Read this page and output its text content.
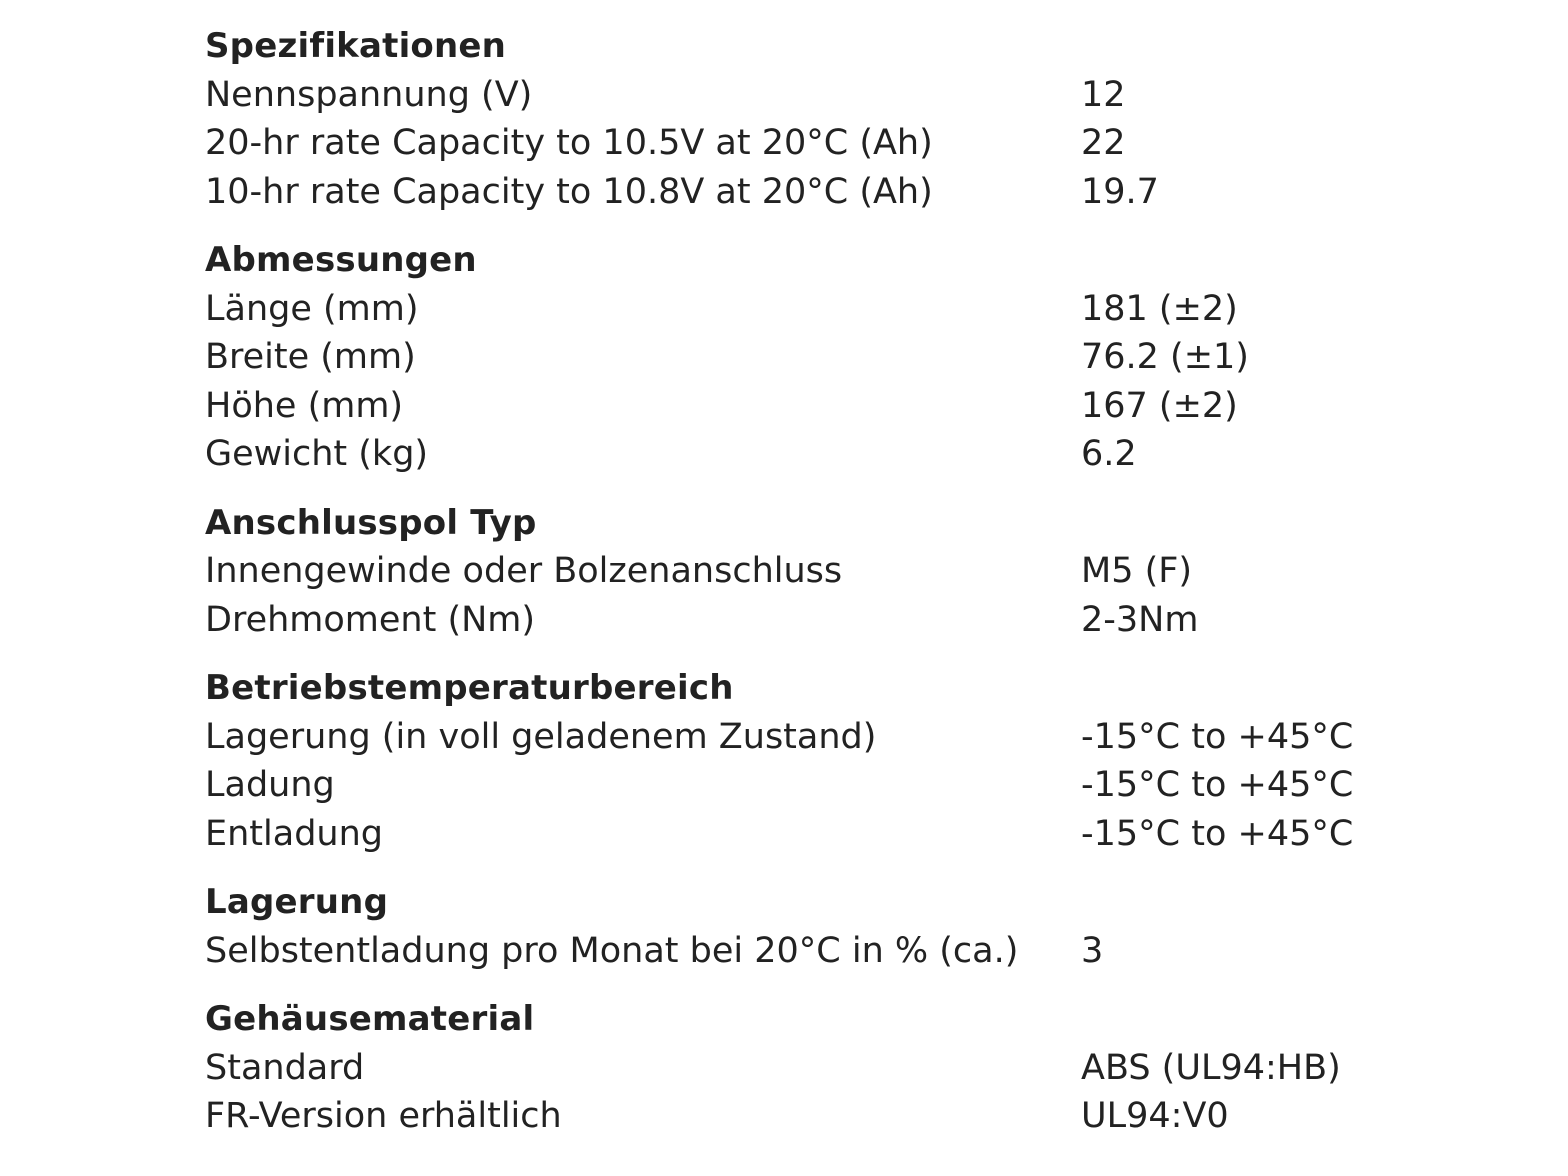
Spezifikationen
Nennspannung (V)	12
20-hr rate Capacity to 10.5V at 20°C (Ah)	22
10-hr rate Capacity to 10.8V at 20°C (Ah)	19.7
Abmessungen
Länge (mm)	181 (±2)
Breite (mm)	76.2 (±1)
Höhe (mm)	167 (±2)
Gewicht (kg)	6.2
Anschlusspol Typ
Innengewinde oder Bolzenanschluss	M5 (F)
Drehmoment (Nm)	2-3Nm
Betriebstemperaturbereich
Lagerung (in voll geladenem Zustand)	-15°C to +45°C
Ladung	-15°C to +45°C
Entladung	-15°C to +45°C
Lagerung
Selbstentladung pro Monat bei 20°C in % (ca.)	3
Gehäusematerial
Standard	ABS (UL94:HB)
FR-Version erhältlich	UL94:V0
